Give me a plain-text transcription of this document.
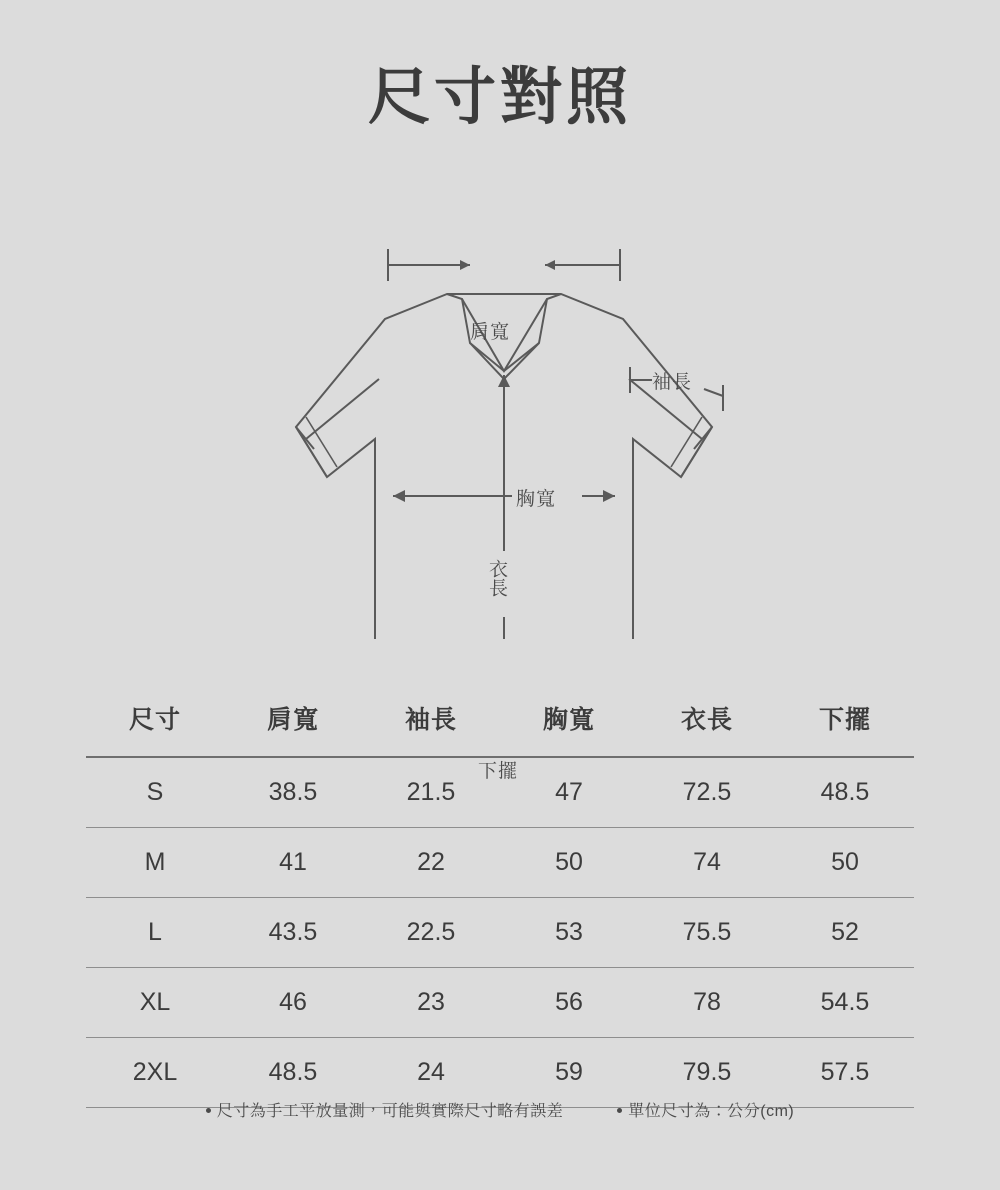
尺寸對照
肩寬
袖長
胸寬
衣長
下擺
尺寸	肩寬	袖長	胸寬	衣長	下擺
S	38.5	21.5	47	72.5	48.5
M	41	22	50	74	50
L	43.5	22.5	53	75.5	52
XL	46	23	56	78	54.5
2XL	48.5	24	59	79.5	57.5
尺寸為手工平放量測，可能與實際尺寸略有誤差	單位尺寸為：公分(cm)
